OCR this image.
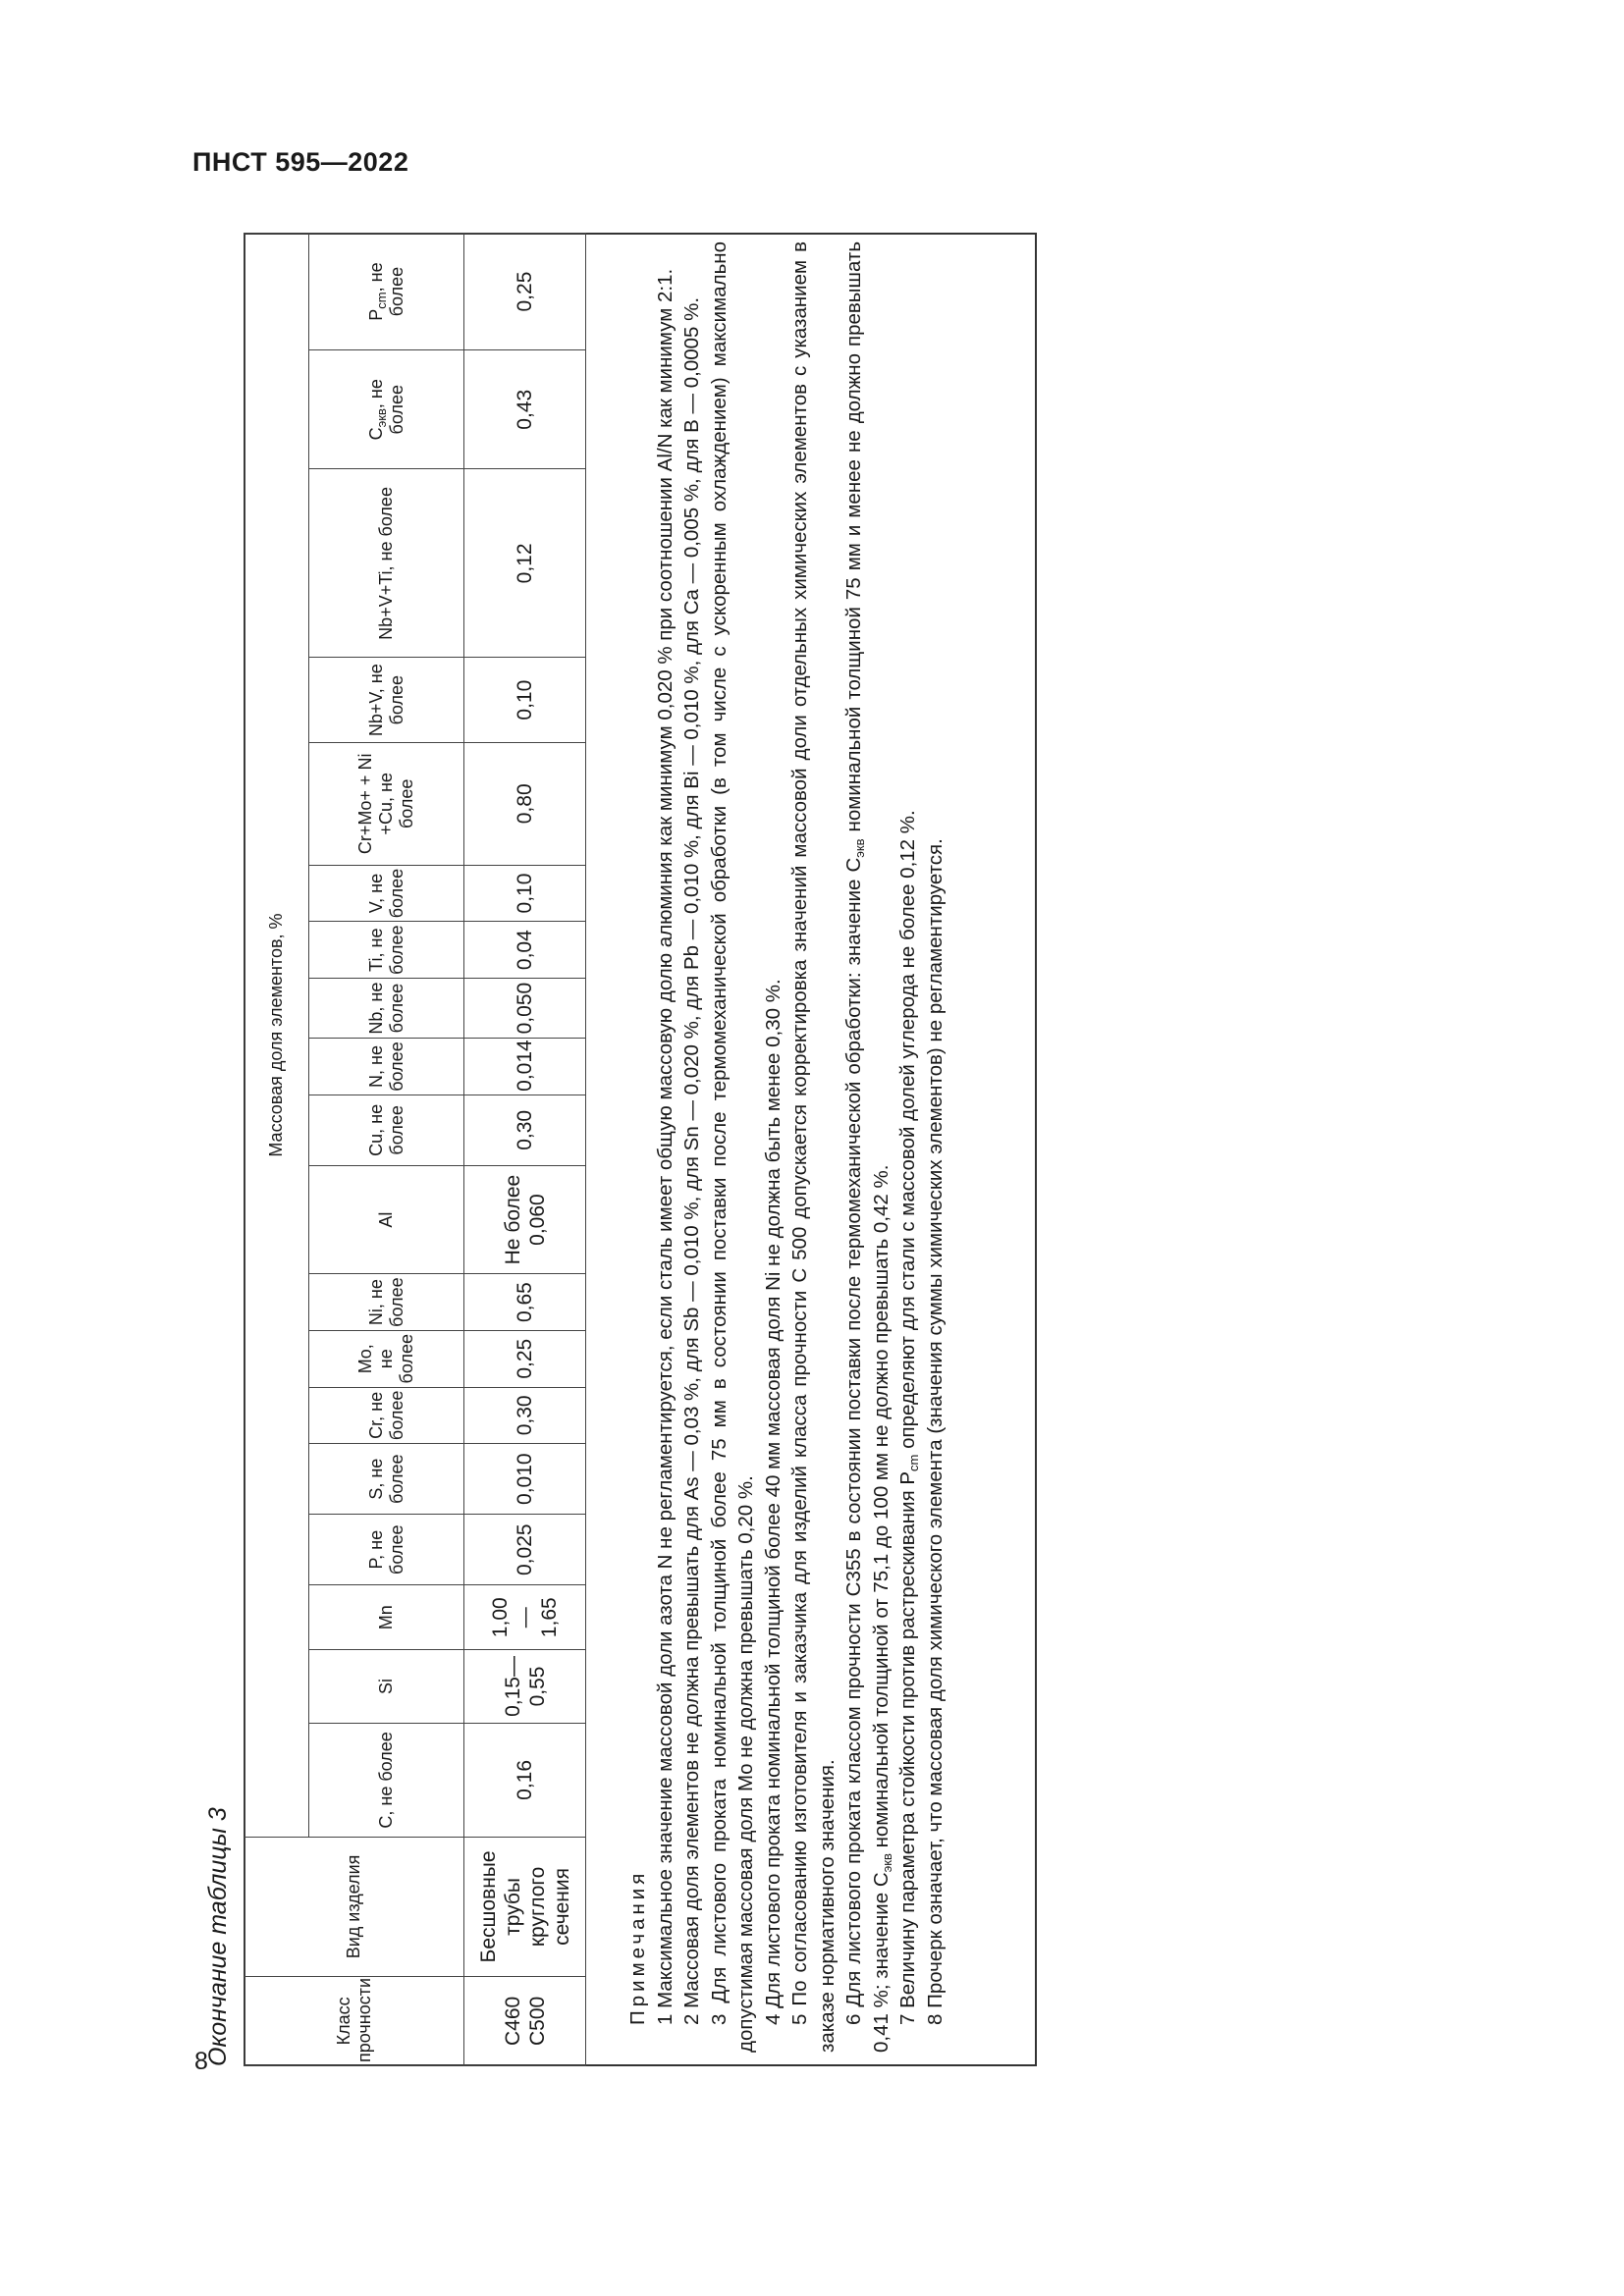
ПНСТ 595—2022
8
Окончание таблицы 3	Класс прочности	Вид изделия	Массовая доля элементов, %																		
		C, не более	Si	Mn	P, не более	S, не более	Cr, не более	Mo, не более	Ni, не более	Al	Cu, не более	N, не более	Nb, не более	Ti, не более	V, не более	Cr+Mo+ + Ni +Cu, не более	Nb+V, не более	Nb+V+Ti, не более	$C_{экв}$, не более	$P_{cm}$, не более
С460 С500	Бесшовные трубы круглого сечения	0,16	0,15— 0,55	1,00— 1,65	0,025	0,010	0,30	0,25	0,65	Не более 0,060	0,30	0,014	0,050	0,04	0,10	0,80	0,10	0,12	0,43	0,25

Примечания 1 Максимальное значение массовой доли азота N не регламентируется, если сталь имеет общую массовую долю алюминия как минимум 0,020 % при соотношении Al/N как минимум 2:1. 2 Массовая доля элементов не должна превышать для As — 0,03 %, для Sb — 0,010 %, для Sn — 0,020 %, для Pb — 0,010 %, для Bi — 0,010 %, для Ca — 0,005 %, для B — 0,0005 %. 3 Для листового проката номинальной толщиной более 75 мм в состоянии поставки после термомеханической обработки (в том числе с ускоренным охлаждением) максимально допустимая массовая доля Mo не должна превышать 0,20 %. 4 Для листового проката номинальной толщиной более 40 мм массовая доля Ni не должна быть менее 0,30 %. 5 По согласованию изготовителя и заказчика для изделий класса прочности С 500 допускается корректировка значений массовой доли отдельных химических элементов с указанием в заказе нормативного значения. 6 Для листового проката классом прочности С355 в состоянии поставки после термомеханической обработки: значение $C_{экв}$ номинальной толщиной 75 мм и менее не должно превышать 0,41 %; значение $C_{экв}$ номинальной толщиной от 75,1 до 100 мм не должно превышать 0,42 %. 7 Величину параметра стойкости против растрескивания $P_{cm}$ определяют для стали с массовой долей углерода не более 0,12 %. 8 Прочерк означает, что массовая доля химического элемента (значения суммы химических элементов) не регламентируется.
